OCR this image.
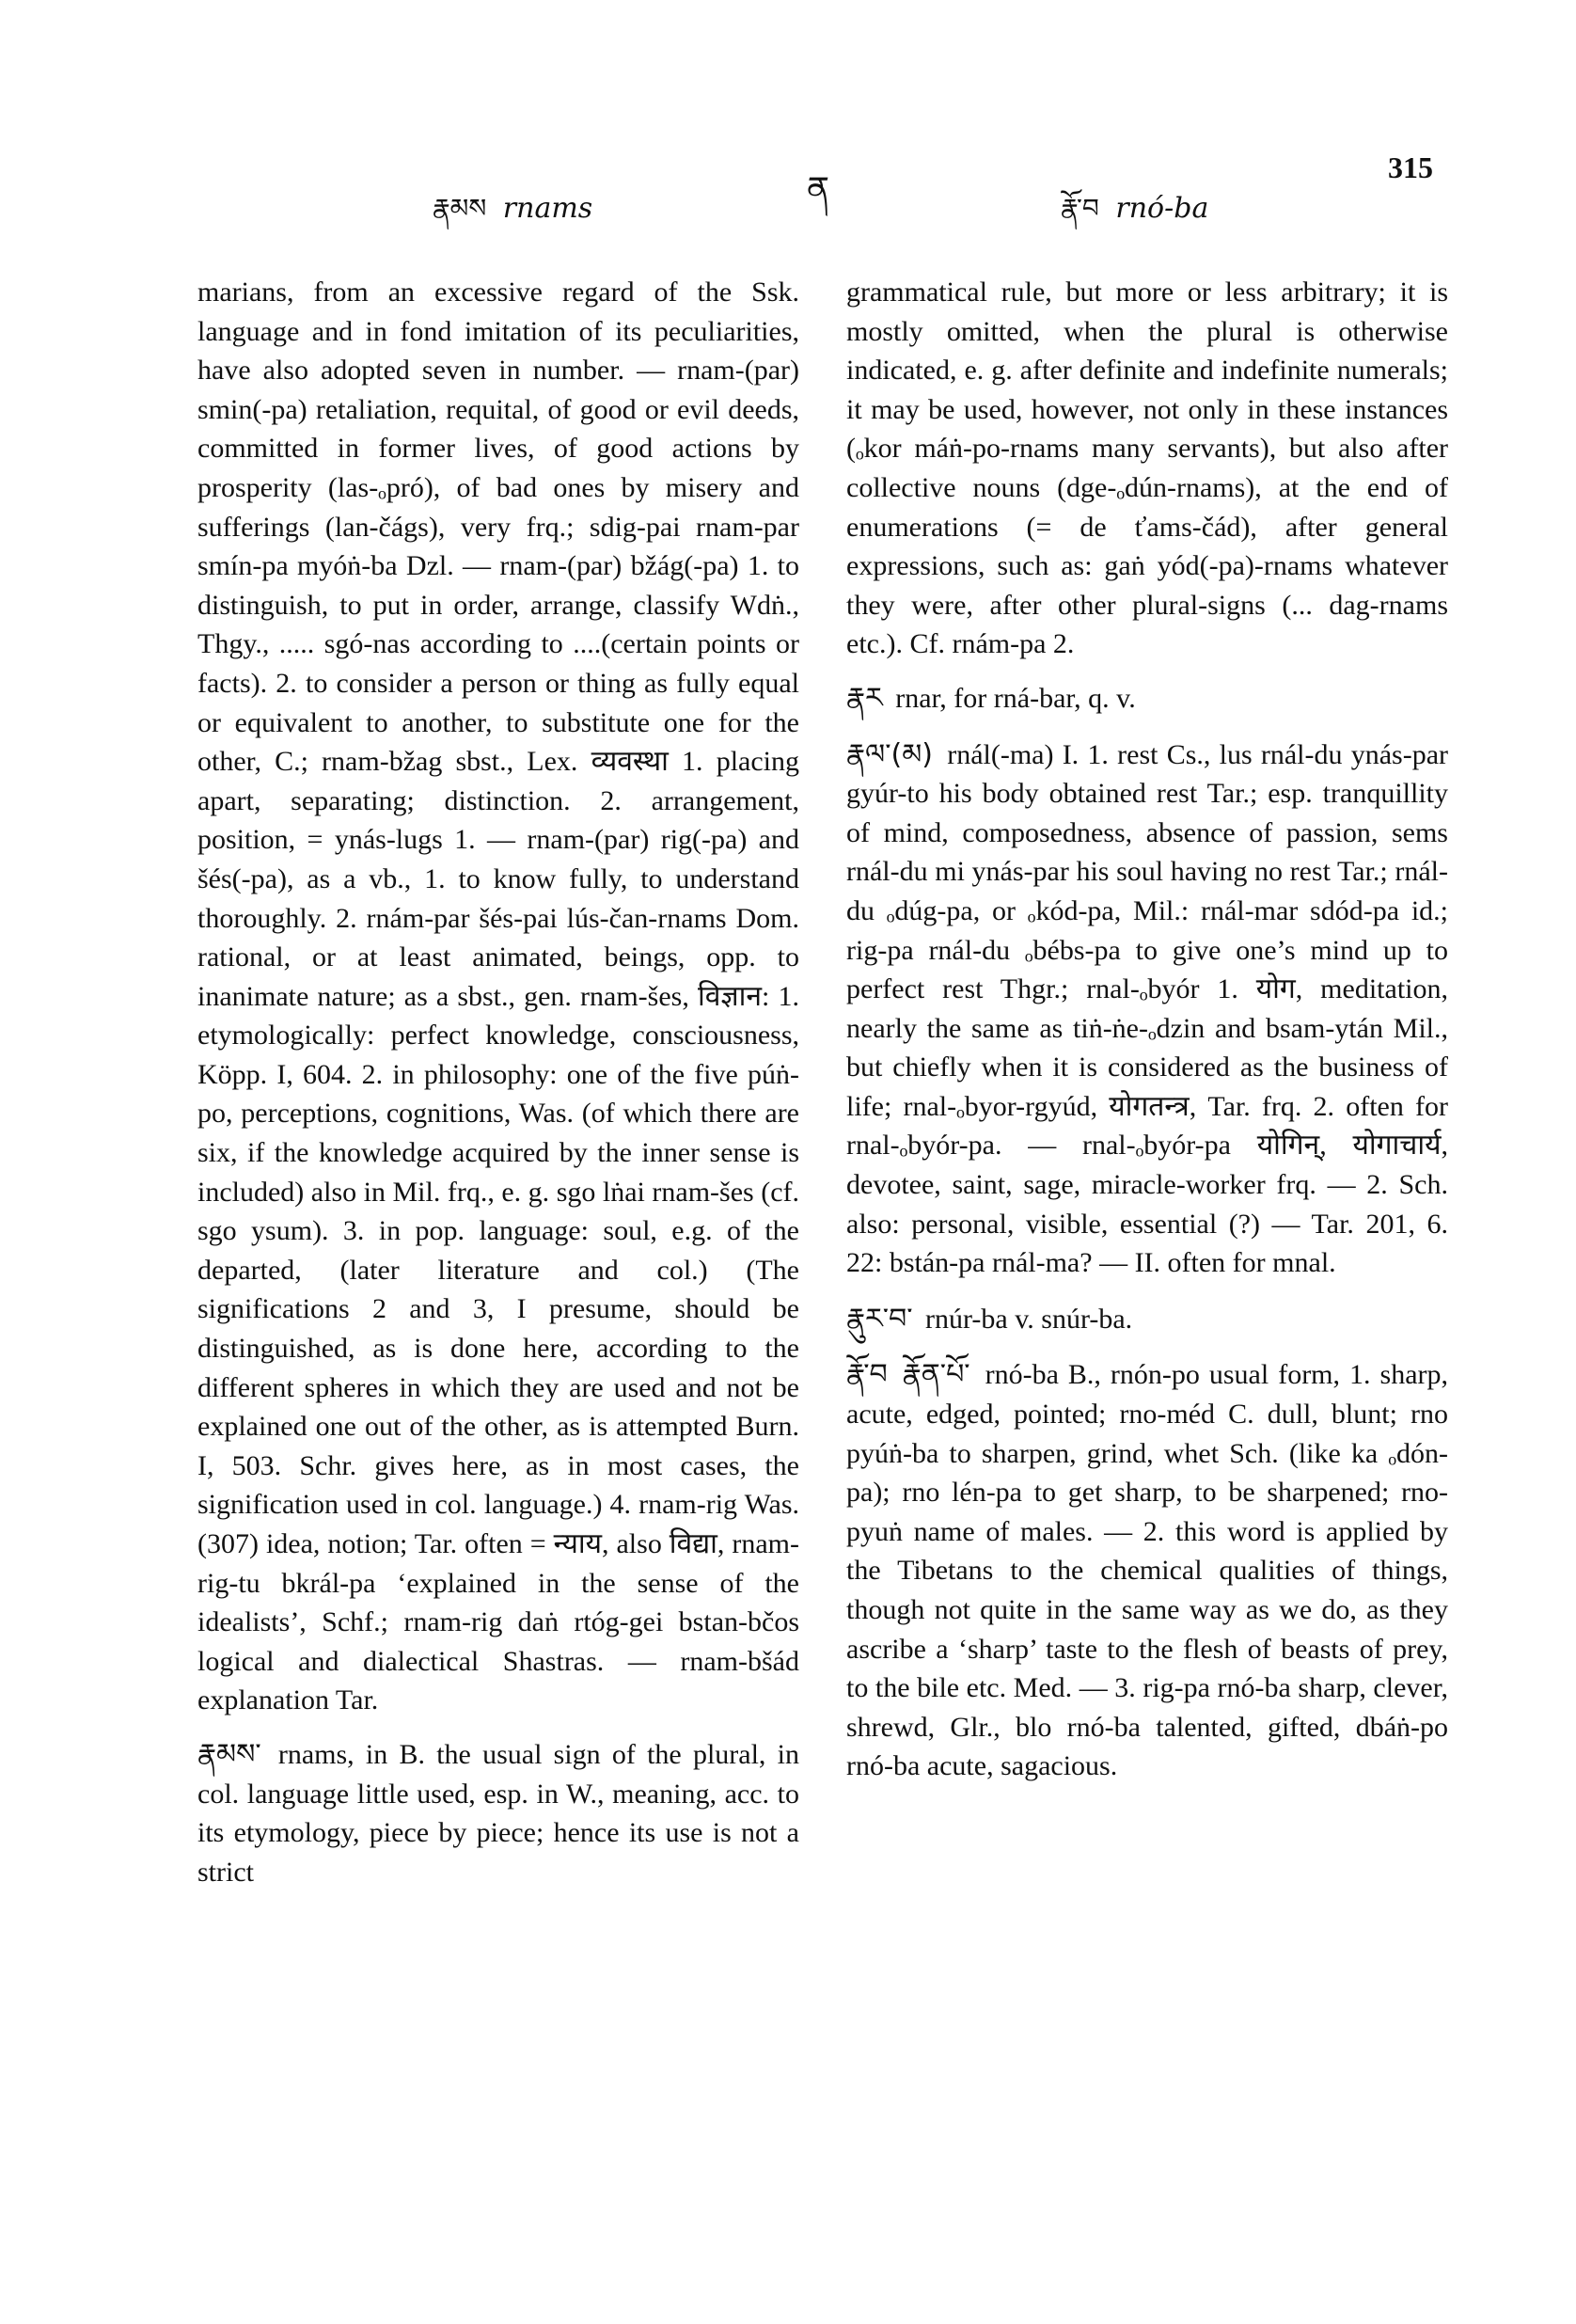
རྣམས rnams	ན	རྣོ་བ rnó-ba
315

marians, from an excessive regard of the Ssk. language and in fond imitation of its peculiarities, have also adopted seven in number. — rnam-(par) smin(-pa) retaliation, requital, of good or evil deeds, committed in former lives, of good actions by prosperity (las-ₒpró), of bad ones by misery and sufferings (lan-čágs), very frq.; sdig-pai rnam-par smín-pa myóṅ-ba Dzl. — rnam-(par) bžág(-pa) 1. to distinguish, to put in order, arrange, classify Wdṅ., Thgy., ..... sgó-nas according to ....(certain points or facts). 2. to consider a person or thing as fully equal or equivalent to another, to substitute one for the other, C.; rnam-bžag sbst., Lex. व्यवस्था 1. placing apart, separating; distinction. 2. arrangement, position, = ynás-lugs 1. — rnam-(par) rig(-pa) and šés(-pa), as a vb., 1. to know fully, to understand thoroughly. 2. rnám-par šés-pai lús-čan-rnams Dom. rational, or at least animated, beings, opp. to inanimate nature; as a sbst., gen. rnam-šes, विज्ञान: 1. etymologically: perfect knowledge, consciousness, Köpp. I, 604. 2. in philosophy: one of the five púṅ-po, perceptions, cognitions, Was. (of which there are six, if the knowledge acquired by the inner sense is included) also in Mil. frq., e. g. sgo lṅai rnam-šes (cf. sgo ysum). 3. in pop. language: soul, e.g. of the departed, (later literature and col.) (The significations 2 and 3, I presume, should be distinguished, as is done here, according to the different spheres in which they are used and not be explained one out of the other, as is attempted Burn. I, 503. Schr. gives here, as in most cases, the signification used in col. language.) 4. rnam-rig Was. (307) idea, notion; Tar. often = न्याय, also विद्या, rnam-rig-tu bkrál-pa ‘explained in the sense of the idealists’, Schf.; rnam-rig daṅ rtóg-gei bstan-bčos logical and dialectical Shastras. — rnam-bšád explanation Tar.

རྣམས་ rnams, in B. the usual sign of the plural, in col. language little used, esp. in W., meaning, acc. to its etymology, piece by piece; hence its use is not a strict

grammatical rule, but more or less arbitrary; it is mostly omitted, when the plural is otherwise indicated, e. g. after definite and indefinite numerals; it may be used, however, not only in these instances (ₒkor máṅ-po-rnams many servants), but also after collective nouns (dge-ₒdún-rnams), at the end of enumerations (= de ťams-čád), after general expressions, such as: gaṅ yód(-pa)-rnams whatever they were, after other plural-signs (... dag-rnams etc.). Cf. rnám-pa 2.

རྣར rnar, for rná-bar, q. v.
རྣལ་(མ) rnál(-ma) I. 1. rest Cs., lus rnál-du ynás-par gyúr-to his body obtained rest Tar.; esp. tranquillity of mind, composedness, absence of passion, sems rnál-du mi ynás-par his soul having no rest Tar.; rnál-du ₒdúg-pa, or ₒkód-pa, Mil.: rnál-mar sdód-pa id.; rig-pa rnál-du ₒbébs-pa to give one’s mind up to perfect rest Thgr.; rnal-ₒbyór 1. योग, meditation, nearly the same as tiṅ-ṅe-ₒdzin and bsam-ytán Mil., but chiefly when it is considered as the business of life; rnal-ₒbyor-rgyúd, योगतन्त्र, Tar. frq. 2. often for rnal-ₒbyór-pa. — rnal-ₒbyór-pa योगिन्, योगाचार्य, devotee, saint, sage, miracle-worker frq. — 2. Sch. also: personal, visible, essential (?) — Tar. 201, 6. 22: bstán-pa rnál-ma? — II. often for mnal.
རྣུར་བ་ rnúr-ba v. snúr-ba.
རྣོ་བ རྣོན་པོ་ rnó-ba B., rnón-po usual form, 1. sharp, acute, edged, pointed; rno-méd C. dull, blunt; rno pyúṅ-ba to sharpen, grind, whet Sch. (like ka ₒdón-pa); rno lén-pa to get sharp, to be sharpened; rno-pyuṅ name of males. — 2. this word is applied by the Tibetans to the chemical qualities of things, though not quite in the same way as we do, as they ascribe a ‘sharp’ taste to the flesh of beasts of prey, to the bile etc. Med. — 3. rig-pa rnó-ba sharp, clever, shrewd, Glr., blo rnó-ba talented, gifted, dbáṅ-po rnó-ba acute, sagacious.
